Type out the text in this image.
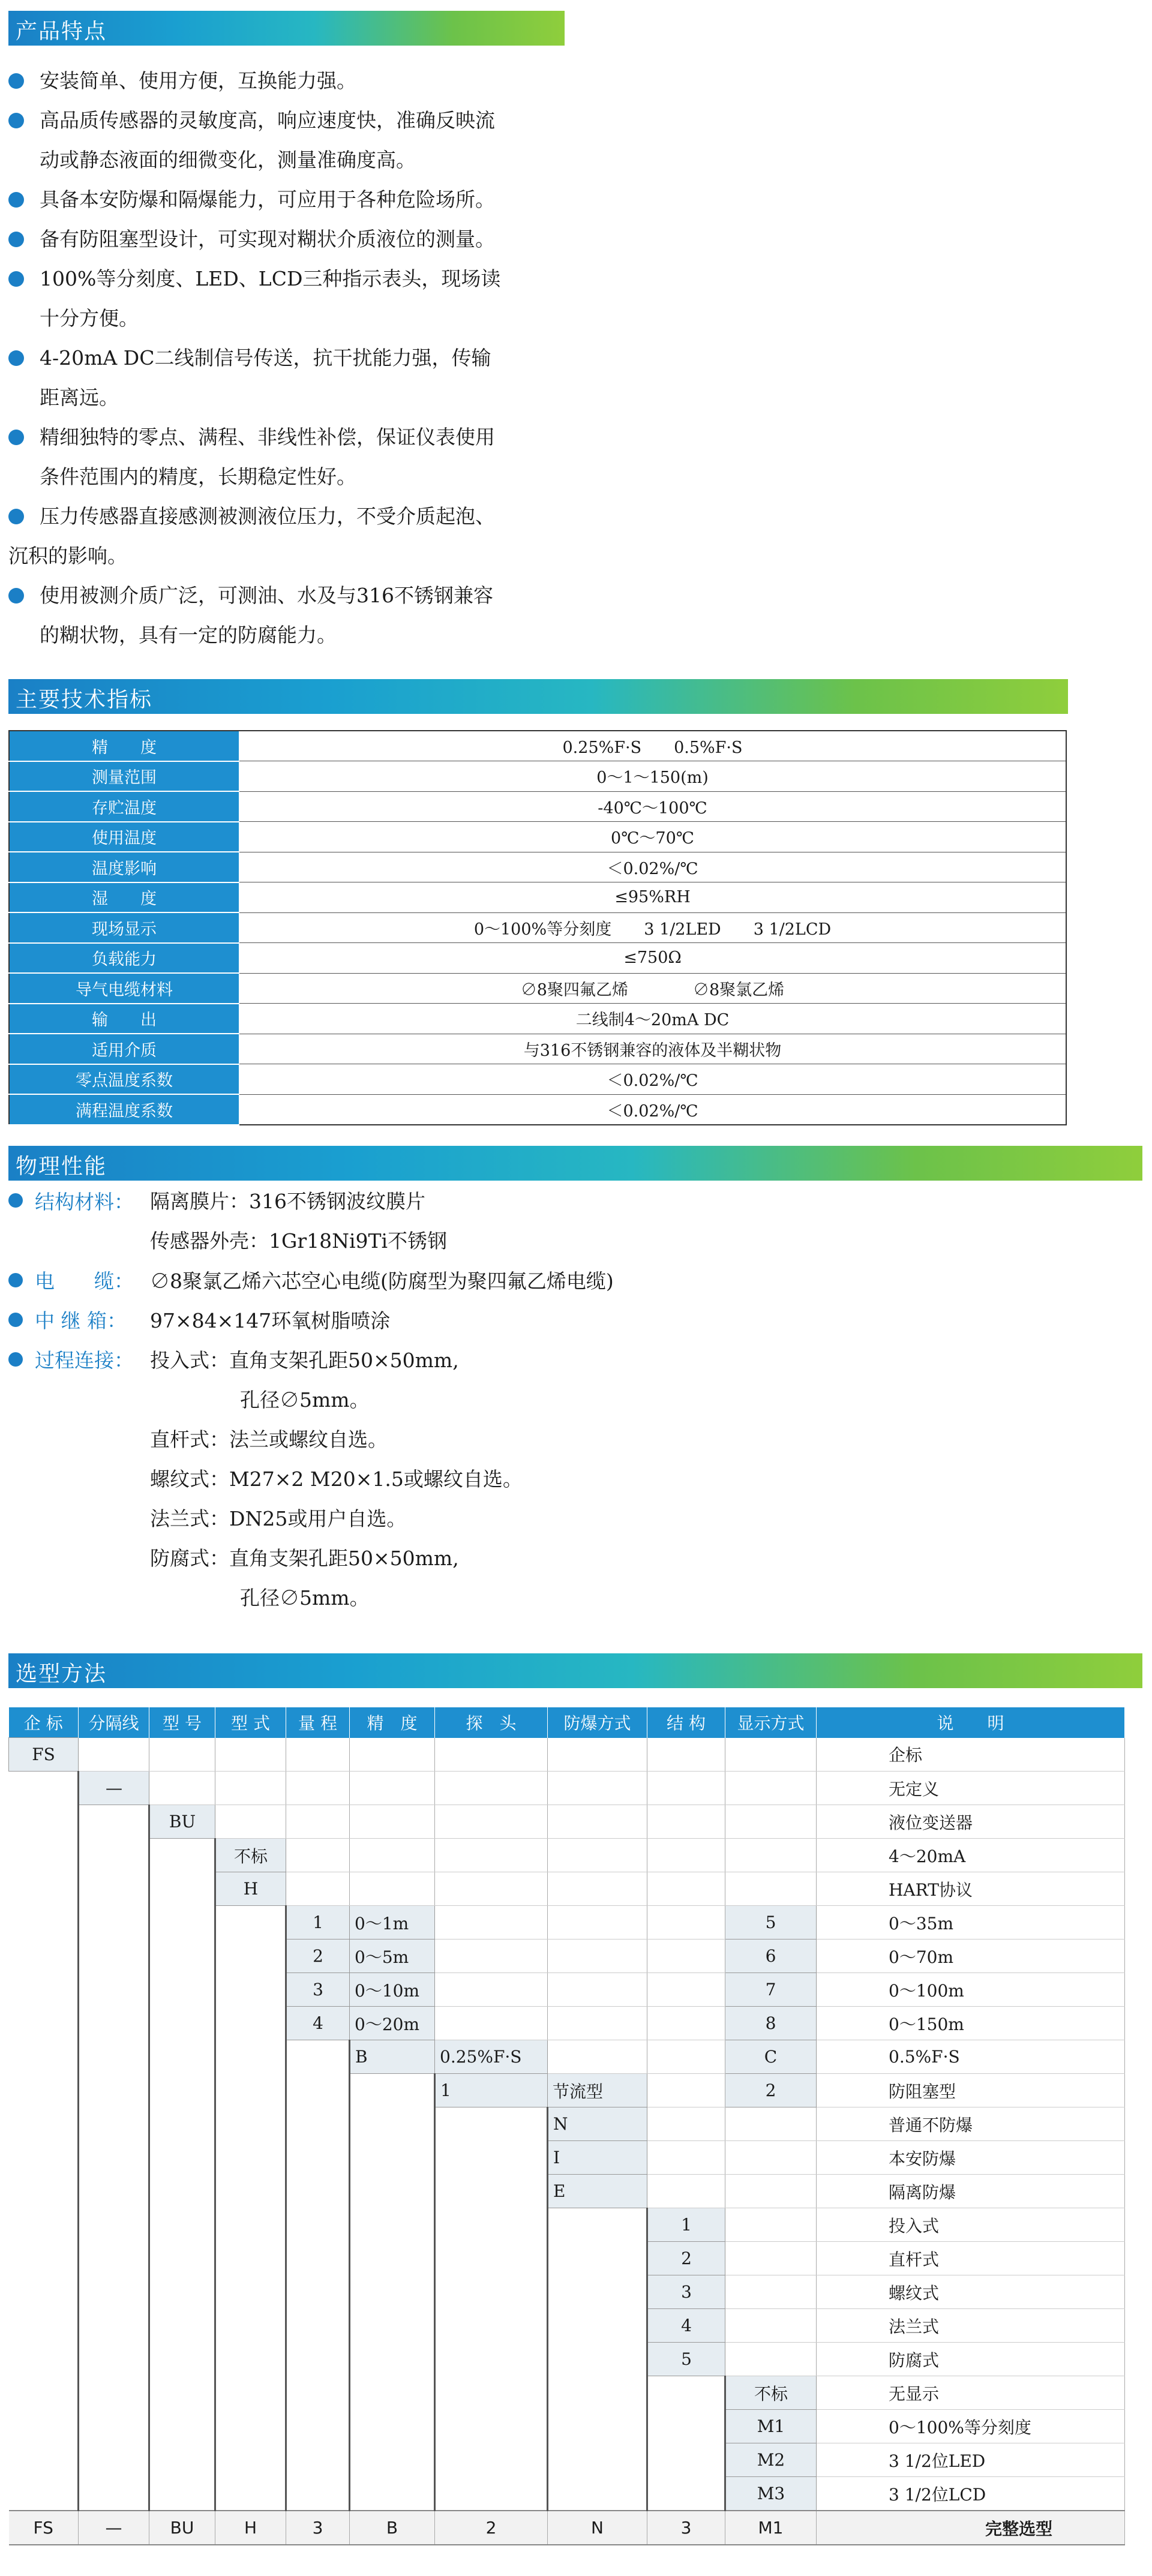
产品特点
安装简单、使用方便，互换能力强。
高品质传感器的灵敏度高，响应速度快，准确反映流
动或静态液面的细微变化，测量准确度高。
具备本安防爆和隔爆能力，可应用于各种危险场所。
备有防阻塞型设计，可实现对糊状介质液位的测量。
100%等分刻度、LED、LCD三种指示表头，现场读
十分方便。
4-20mA DC二线制信号传送，抗干扰能力强，传输
距离远。
精细独特的零点、满程、非线性补偿，保证仪表使用
条件范围内的精度，长期稳定性好。
压力传感器直接感测被测液位压力，不受介质起泡、
沉积的影响。
使用被测介质广泛，可测油、水及与316不锈钢兼容
的糊状物，具有一定的防腐能力。
主要技术指标
精　　度	0.25%F·S　　0.5%F·S
测量范围	0～1～150(m)
存贮温度	-40℃～100℃
使用温度	0℃～70℃
温度影响	＜0.02%/℃
湿　　度	≤95%RH
现场显示	0～100%等分刻度　　3 1/2LED　　3 1/2LCD
负载能力	≤750Ω
导气电缆材料	∅8聚四氟乙烯　　　　∅8聚氯乙烯
输　　出	二线制4～20mA DC
适用介质	与316不锈钢兼容的液体及半糊状物
零点温度系数	＜0.02%/℃
满程温度系数	＜0.02%/℃
物理性能
结构材料： 隔离膜片：316不锈钢波纹膜片
传感器外壳：1Gr18Ni9Ti不锈钢
电　　缆： ∅8聚氯乙烯六芯空心电缆(防腐型为聚四氟乙烯电缆)
中 继 箱： 97×84×147环氧树脂喷涂
过程连接： 投入式：直角支架孔距50×50mm,
孔径∅5mm。
直杆式：法兰或螺纹自选。
螺纹式：M27×2 M20×1.5或螺纹自选。
法兰式：DN25或用户自选。
防腐式：直角支架孔距50×50mm,
孔径∅5mm。
选型方法
企 标	分隔线	型 号	型 式	量 程	精　度	探　头	防爆方式	结 构	显示方式	说　　明
FS										企标
	—									无定义
		BU								液位变送器
			不标							4～20mA
			H							HART协议
				1	0～1m				5	0～35m
				2	0～5m				6	0～70m
				3	0～10m				7	0～100m
				4	0～20m				8	0～150m
					B	0.25%F·S			C	0.5%F·S
						1	节流型		2	防阻塞型
							N			普通不防爆
							I			本安防爆
							E			隔离防爆
								1		投入式
								2		直杆式
								3		螺纹式
								4		法兰式
								5		防腐式
									不标	无显示
									M1	0～100%等分刻度
									M2	3 1/2位LED
									M3	3 1/2位LCD
FS	—	BU	H	3	B	2	N	3	M1	完整选型
